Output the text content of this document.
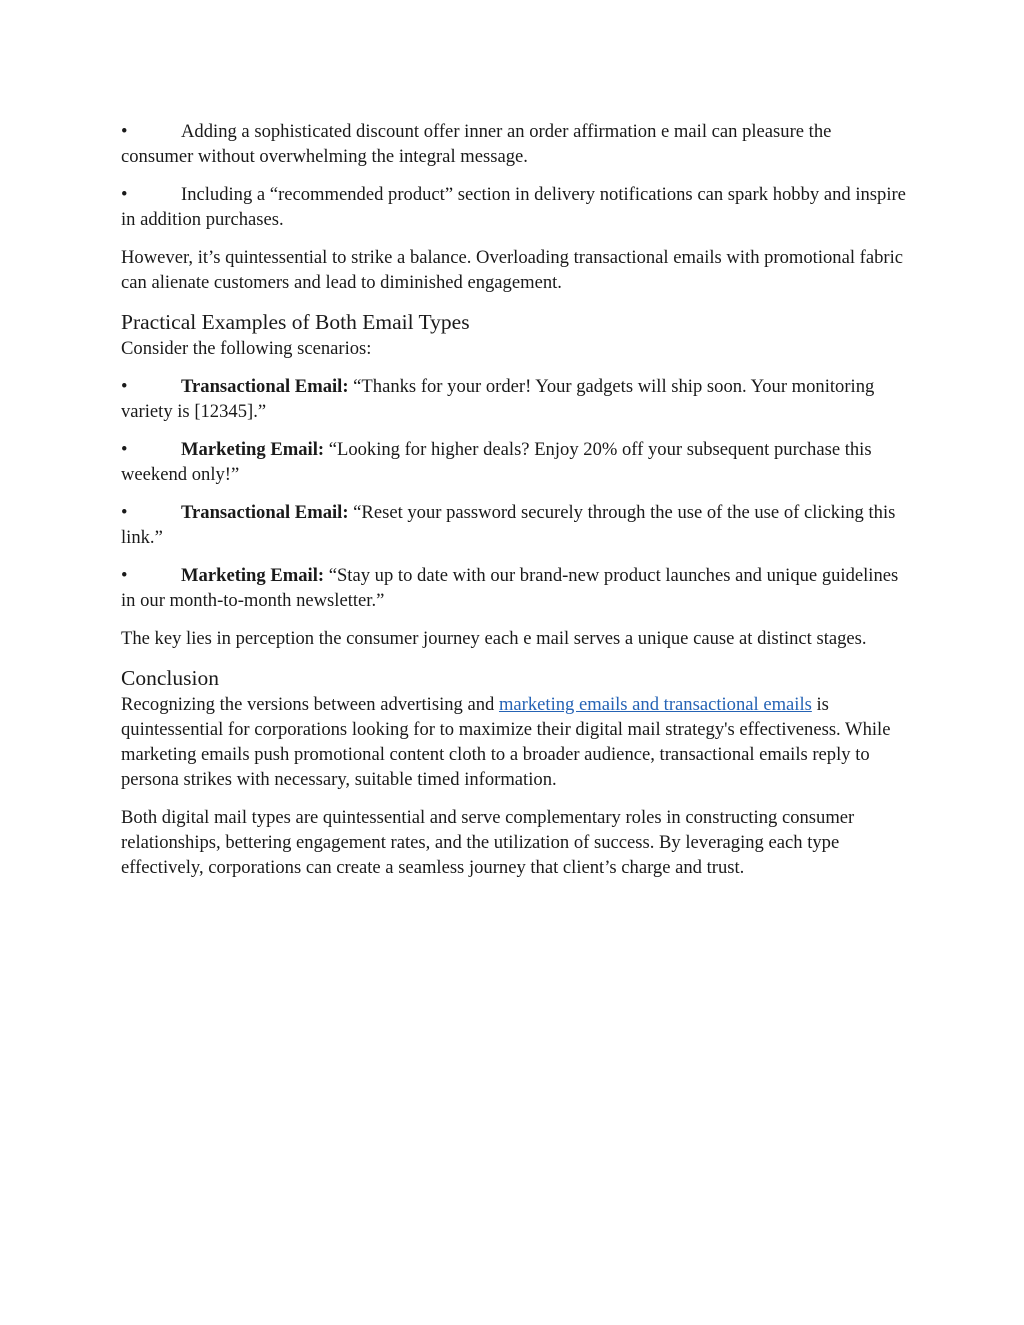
•	Adding a sophisticated discount offer inner an order affirmation e mail can pleasure the consumer without overwhelming the integral message.

•	Including a “recommended product” section in delivery notifications can spark hobby and inspire in addition purchases.

However, it’s quintessential to strike a balance. Overloading transactional emails with promotional fabric can alienate customers and lead to diminished engagement.

Practical Examples of Both Email Types

Consider the following scenarios:

•	Transactional Email: “Thanks for your order! Your gadgets will ship soon. Your monitoring variety is [12345].”

•	Marketing Email: “Looking for higher deals? Enjoy 20% off your subsequent purchase this weekend only!”

•	Transactional Email: “Reset your password securely through the use of the use of clicking this link.”

•	Marketing Email: “Stay up to date with our brand-new product launches and unique guidelines in our month-to-month newsletter.”

The key lies in perception the consumer journey each e mail serves a unique cause at distinct stages.

Conclusion

Recognizing the versions between advertising and marketing emails and transactional emails is quintessential for corporations looking for to maximize their digital mail strategy's effectiveness. While marketing emails push promotional content cloth to a broader audience, transactional emails reply to persona strikes with necessary, suitable timed information.

Both digital mail types are quintessential and serve complementary roles in constructing consumer relationships, bettering engagement rates, and the utilization of success. By leveraging each type effectively, corporations can create a seamless journey that client’s charge and trust.
